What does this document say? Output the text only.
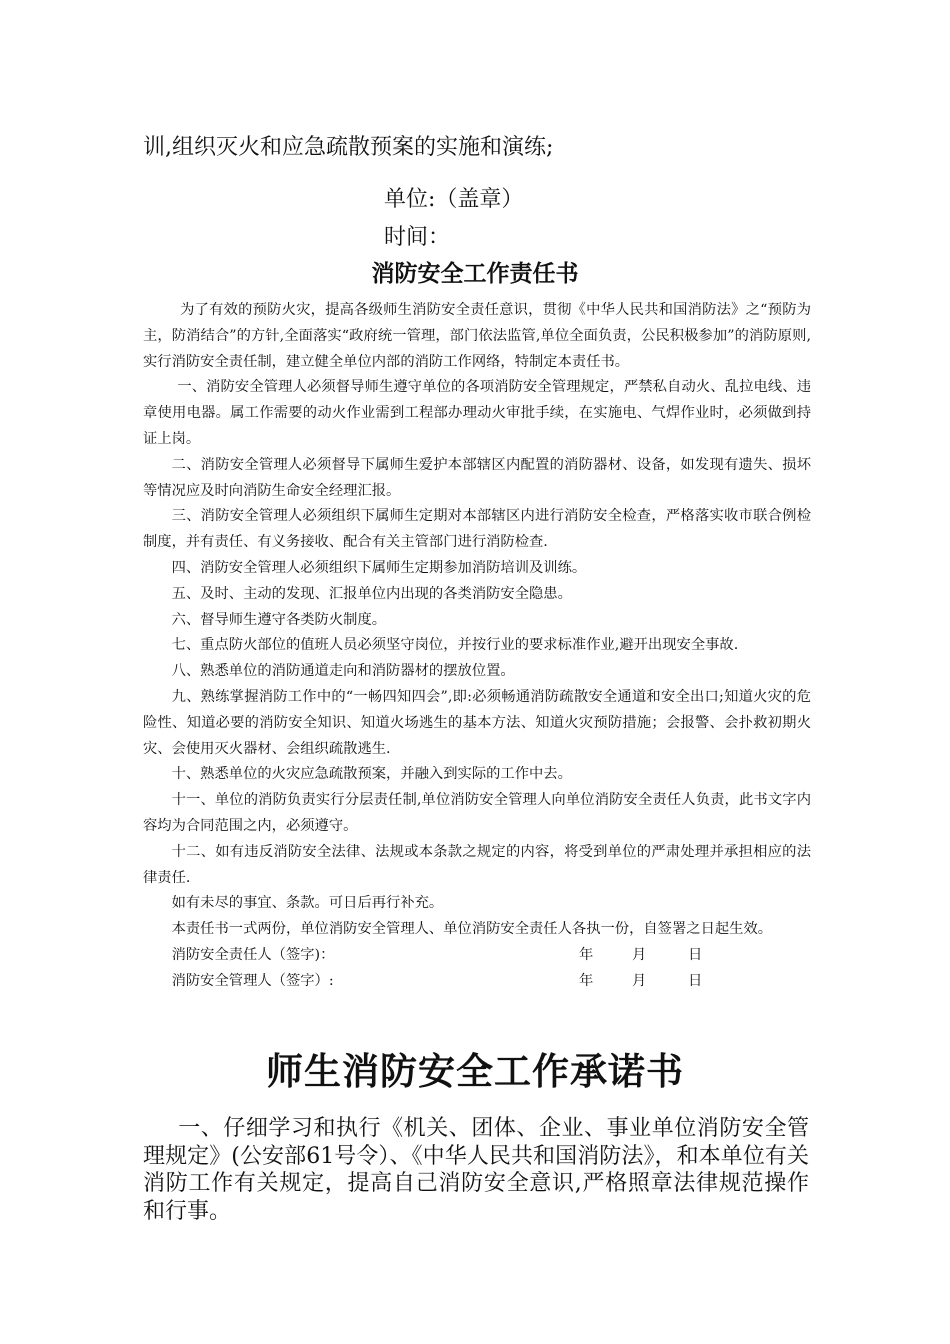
训,组织灭火和应急疏散预案的实施和演练;
单位:（盖章）
时间：
消防安全工作责任书

为了有效的预防火灾，提高各级师生消防安全责任意识，贯彻《中华人民共和国消防法》之“预防为主，防消结合”的方针,全面落实“政府统一管理，部门依法监管,单位全面负责，公民积极参加”的消防原则,实行消防安全责任制，建立健全单位内部的消防工作网络，特制定本责任书。

一、消防安全管理人必须督导师生遵守单位的各项消防安全管理规定，严禁私自动火、乱拉电线、违章使用电器。属工作需要的动火作业需到工程部办理动火审批手续，在实施电、气焊作业时，必须做到持证上岗。

二、消防安全管理人必须督导下属师生爱护本部辖区内配置的消防器材、设备，如发现有遗失、损坏等情况应及时向消防生命安全经理汇报。

三、消防安全管理人必须组织下属师生定期对本部辖区内进行消防安全检查，严格落实收市联合例检制度，并有责任、有义务接收、配合有关主管部门进行消防检查.

四、消防安全管理人必须组织下属师生定期参加消防培训及训练。

五、及时、主动的发现、汇报单位内出现的各类消防安全隐患。

六、督导师生遵守各类防火制度。

七、重点防火部位的值班人员必须坚守岗位，并按行业的要求标准作业,避开出现安全事故.

八、熟悉单位的消防通道走向和消防器材的摆放位置。

九、熟练掌握消防工作中的“一畅四知四会”,即:必须畅通消防疏散安全通道和安全出口;知道火灾的危险性、知道必要的消防安全知识、知道火场逃生的基本方法、知道火灾预防措施；会报警、会扑救初期火灾、会使用灭火器材、会组织疏散逃生.

十、熟悉单位的火灾应急疏散预案，并融入到实际的工作中去。

十一、单位的消防负责实行分层责任制,单位消防安全管理人向单位消防安全责任人负责，此书文字内容均为合同范围之内，必须遵守。

十二、如有违反消防安全法律、法规或本条款之规定的内容，将受到单位的严肃处理并承担相应的法律责任.

如有未尽的事宜、条款。可日后再行补充。

本责任书一式两份，单位消防安全管理人、单位消防安全责任人各执一份，自签署之日起生效。

消防安全责任人（签字)：	年	月	日
消防安全管理人（签字）:	年	月	日
师生消防安全工作承诺书

一、仔细学习和执行《机关、团体、企业、事业单位消防安全管理规定》(公安部61号令）、《中华人民共和国消防法》，和本单位有关消防工作有关规定，提高自己消防安全意识,严格照章法律规范操作和行事。
